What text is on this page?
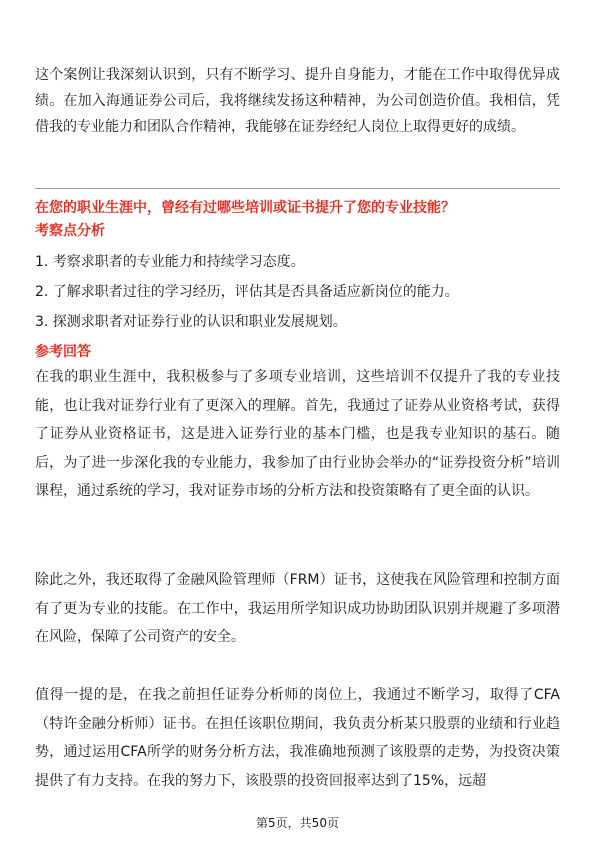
这个案例让我深刻认识到，只有不断学习、提升自身能力，才能在工作中取得优异成绩。在加入海通证券公司后，我将继续发扬这种精神，为公司创造价值。我相信，凭借我的专业能力和团队合作精神，我能够在证券经纪人岗位上取得更好的成绩。

在您的职业生涯中，曾经有过哪些培训或证书提升了您的专业技能？

考察点分析

1. 考察求职者的专业能力和持续学习态度。

2. 了解求职者过往的学习经历，评估其是否具备适应新岗位的能力。

3. 探测求职者对证券行业的认识和职业发展规划。

参考回答

在我的职业生涯中，我积极参与了多项专业培训，这些培训不仅提升了我的专业技能，也让我对证券行业有了更深入的理解。首先，我通过了证券从业资格考试，获得了证券从业资格证书，这是进入证券行业的基本门槛，也是我专业知识的基石。随后，为了进一步深化我的专业能力，我参加了由行业协会举办的“证券投资分析”培训课程，通过系统的学习，我对证券市场的分析方法和投资策略有了更全面的认识。

除此之外，我还取得了金融风险管理师（FRM）证书，这使我在风险管理和控制方面有了更为专业的技能。在工作中，我运用所学知识成功协助团队识别并规避了多项潜在风险，保障了公司资产的安全。

值得一提的是，在我之前担任证券分析师的岗位上，我通过不断学习，取得了CFA（特许金融分析师）证书。在担任该职位期间，我负责分析某只股票的业绩和行业趋势，通过运用CFA所学的财务分析方法，我准确地预测了该股票的走势，为投资决策提供了有力支持。在我的努力下，该股票的投资回报率达到了15%，远超

第5页，共50页
